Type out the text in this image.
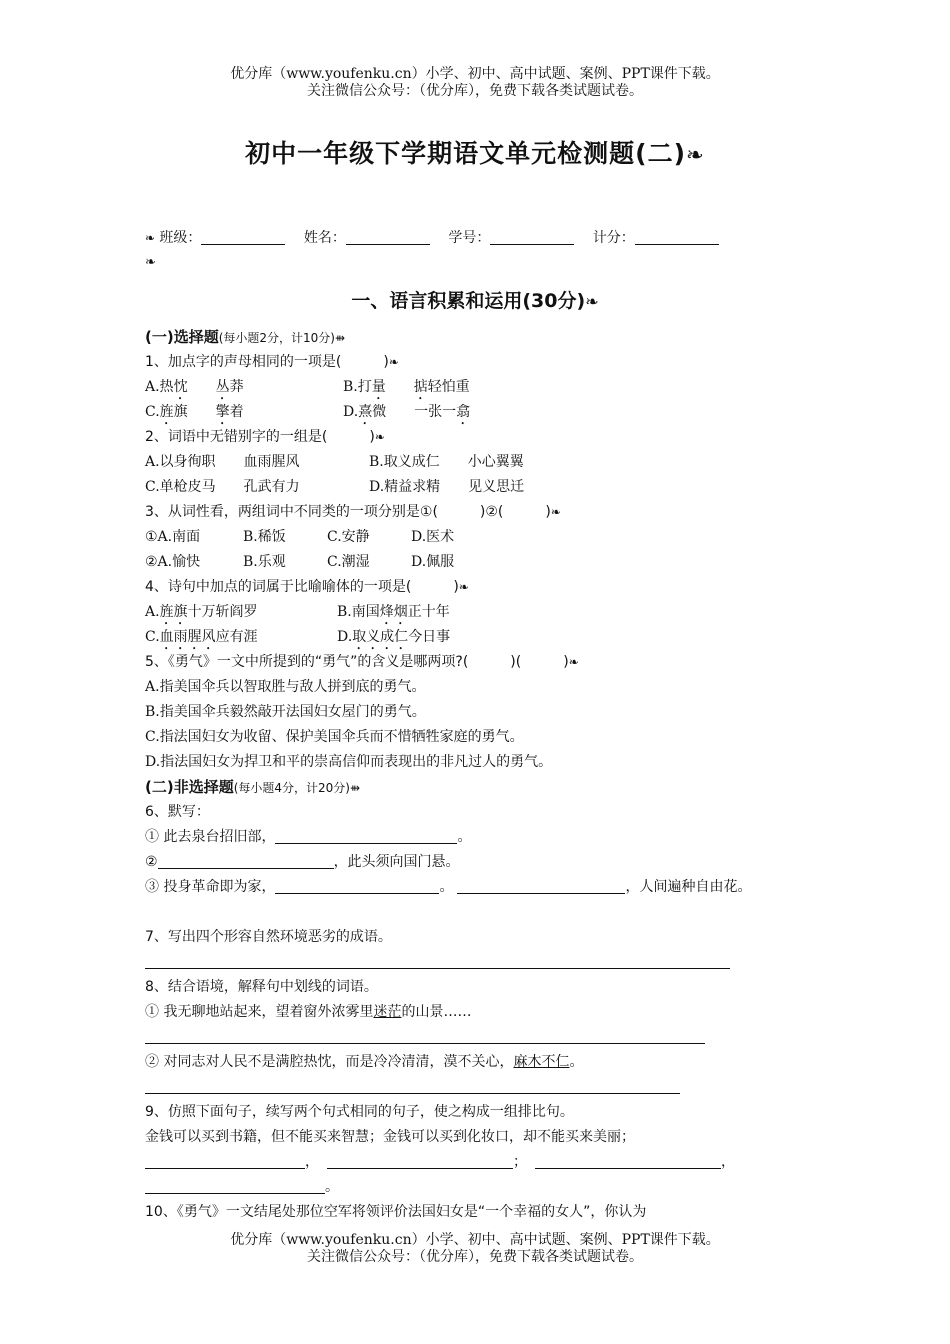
优分库（www.youfenku.cn）小学、初中、高中试题、案例、PPT课件下载。
关注微信公众号：（优分库），免费下载各类试题试卷。
初中一年级下学期语文单元检测题(二)❧
❧ 班级：	姓名：	学号：	计分：
❧
一、语言积累和运用(30分)❧
(一)选择题(每小题2分，计10分)⇻
1、加点字的声母相同的一项是(　　　)❧
A.热忱　　 丛莽	B.打量　　 掂轻怕重
C.旌旗　　擎着	D.熹微　　一张一翕
2、词语中无错别字的一组是(　　　)❧
A.以身徇职　　血雨腥风	B.取义成仁　　小心翼翼
C.单枪皮马　　孔武有力	D.精益求精　　见义思迁
3、从词性看，两组词中不同类的一项分别是①(　　　)②(　　　)❧
①A.南面	B.稀饭	C.安静	D.医术
②A.愉快	B.乐观	C.潮湿	D.佩服
4、诗句中加点的词属于比喻喻体的一项是(　　　)❧
A.旌旗十万斩阎罗	B.南国烽烟正十年
C.血雨腥风应有涯	D.取义成仁今日事
5、《勇气》一文中所提到的“勇气”的含义是哪两项?(　　　)(　　　)❧
A.指美国伞兵以智取胜与敌人拼到底的勇气。
B.指美国伞兵毅然敲开法国妇女屋门的勇气。
C.指法国妇女为收留、保护美国伞兵而不惜牺牲家庭的勇气。
D.指法国妇女为捍卫和平的崇高信仰而表现出的非凡过人的勇气。
(二)非选择题(每小题4分，计20分)⇻
6、默写：
① 此去泉台招旧部，	。
②	，此头须向国门悬。
③ 投身革命即为家，	。	，人间遍种自由花。
7、写出四个形容自然环境恶劣的成语。
8、结合语境，解释句中划线的词语。
① 我无聊地站起来，望着窗外浓雾里迷茫的山景……
② 对同志对人民不是满腔热忱，而是冷冷清清，漠不关心，麻木不仁。
9、仿照下面句子，续写两个句式相同的句子，使之构成一组排比句。
金钱可以买到书籍，但不能买来智慧；金钱可以买到化妆口，却不能买来美丽；
，	；	，
。
10、《勇气》一文结尾处那位空军将领评价法国妇女是“一个幸福的女人”，你认为
优分库（www.youfenku.cn）小学、初中、高中试题、案例、PPT课件下载。
关注微信公众号：（优分库），免费下载各类试题试卷。
